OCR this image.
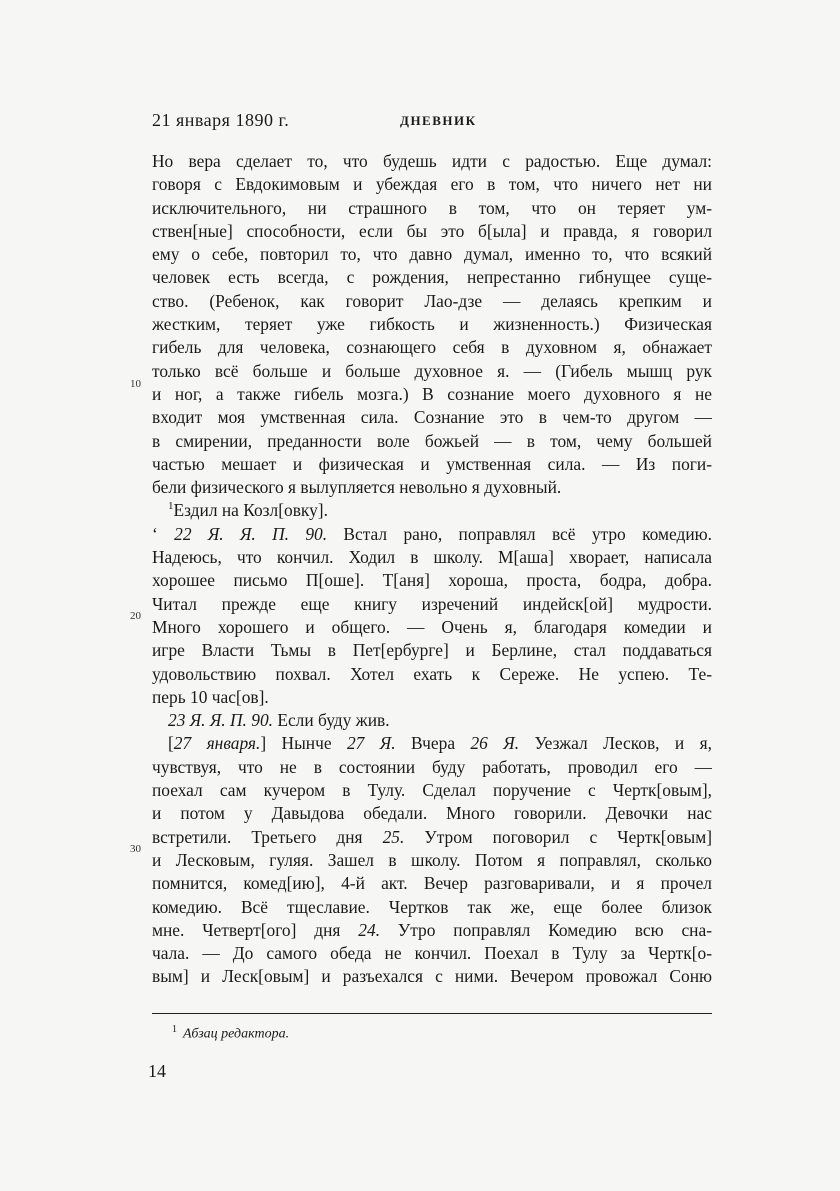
21 января 1890 г.	ДНЕВНИК
10
20
30
Но вера сделает то, что будешь идти с радостью. Еще думал:
говоря с Евдокимовым и убеждая его в том, что ничего нет ни
исключительного, ни страшного в том, что он теряет ум-
ствен[ные] способности, если бы это б[ыла] и правда, я говорил
ему о себе, повторил то, что давно думал, именно то, что всякий
человек есть всегда, с рождения, непрестанно гибнущее суще-
ство. (Ребенок, как говорит Лао-дзе — делаясь крепким и
жестким, теряет уже гибкость и жизненность.) Физическая
гибель для человека, сознающего себя в духовном я, обнажает
только всё больше и больше духовное я. — (Гибель мышц рук
и ног, а также гибель мозга.) В сознание моего духовного я не
входит моя умственная сила. Сознание это в чем-то другом —
в смирении, преданности воле божьей — в том, чему большей
частью мешает и физическая и умственная сила. — Из поги-
бели физического я вылупляется невольно я духовный.
$^1$Ездил на Козл[овку].
‘ 22 Я. Я. П. 90. Встал рано, поправлял всё утро комедию.
Надеюсь, что кончил. Ходил в школу. М[аша] хворает, написала
хорошее письмо П[оше]. Т[аня] хороша, проста, бодра, добра.
Читал прежде еще книгу изречений индейск[ой] мудрости.
Много хорошего и общего. — Очень я, благодаря комедии и
игре Власти Тьмы в Пет[ербурге] и Берлине, стал поддаваться
удовольствию похвал. Хотел ехать к Сереже. Не успею. Те-
перь 10 час[ов].
23 Я. Я. П. 90. Если буду жив.
[27 января.] Нынче 27 Я. Вчера 26 Я. Уезжал Лесков, и я,
чувствуя, что не в состоянии буду работать, проводил его —
поехал сам кучером в Тулу. Сделал поручение с Чертк[овым],
и потом у Давыдова обедали. Много говорили. Девочки нас
встретили. Третьего дня 25. Утром поговорил с Чертк[овым]
и Лесковым, гуляя. Зашел в школу. Потом я поправлял, сколько
помнится, комед[ию], 4-й акт. Вечер разговаривали, и я прочел
комедию. Всё тщеславие. Чертков так же, еще более близок
мне. Четверт[ого] дня 24. Утро поправлял Комедию всю сна-
чала. — До самого обеда не кончил. Поехал в Тулу за Чертк[о-
вым] и Леск[овым] и разъехался с ними. Вечером провожал Соню
$^1$ Абзац редактора.
14
